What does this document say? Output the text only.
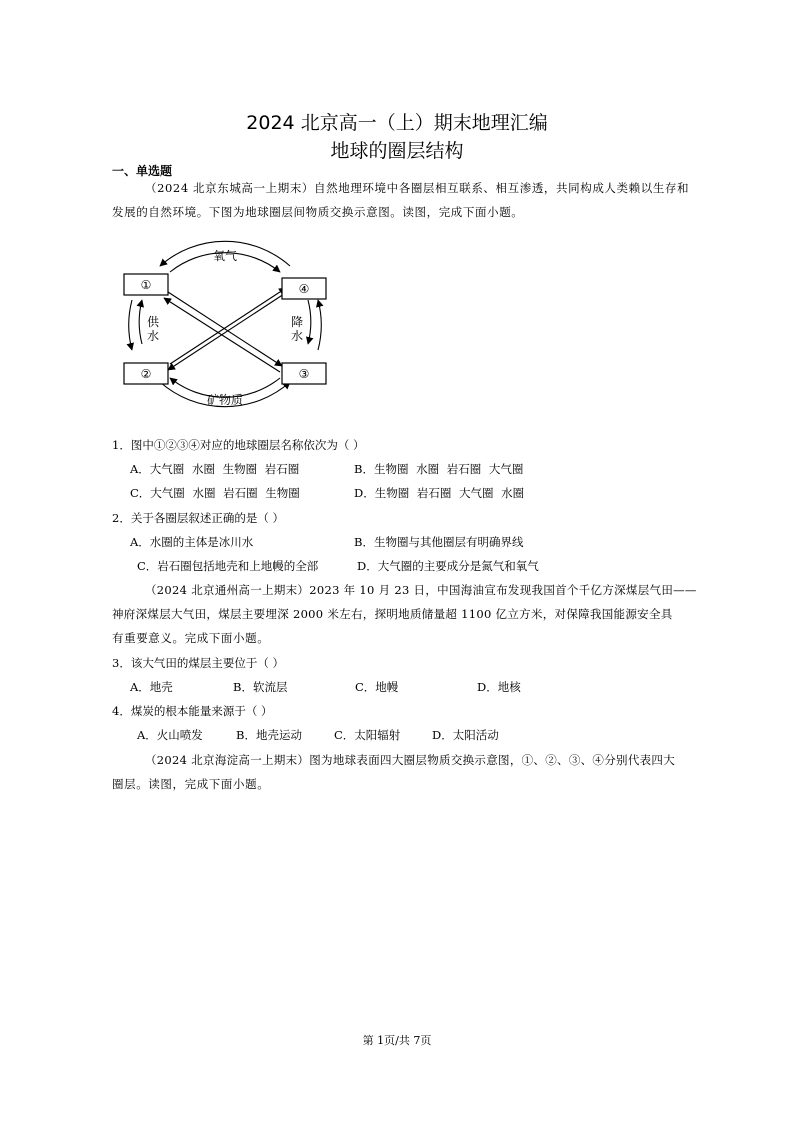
2024 北京高一（上）期末地理汇编
地球的圈层结构
一、单选题
（2024 北京东城高一上期末）自然地理环境中各圈层相互联系、相互渗透，共同构成人类赖以生存和
发展的自然环境。下图为地球圈层间物质交换示意图。读图，完成下面小题。
①	④
②	③
氧气
供
水
降
水
矿物质
1．图中①②③④对应的地球圈层名称依次为（ ）
A．大气圈 水圈 生物圈 岩石圈	B．生物圈 水圈 岩石圈 大气圈
C．大气圈 水圈 岩石圈 生物圈	D．生物圈 岩石圈 大气圈 水圈
2．关于各圈层叙述正确的是（ ）
A．水圈的主体是冰川水	B．生物圈与其他圈层有明确界线
C．岩石圈包括地壳和上地幔的全部	D．大气圈的主要成分是氮气和氧气
（2024 北京通州高一上期末）2023 年 10 月 23 日，中国海油宣布发现我国首个千亿方深煤层气田——
神府深煤层大气田，煤层主要埋深 2000 米左右，探明地质储量超 1100 亿立方米，对保障我国能源安全具
有重要意义。完成下面小题。
3．该大气田的煤层主要位于（ ）
A．地壳	B．软流层	C．地幔	D．地核
4．煤炭的根本能量来源于（ ）
A．火山喷发	B．地壳运动	C．太阳辐射	D．太阳活动
（2024 北京海淀高一上期末）图为地球表面四大圈层物质交换示意图，①、②、③、④分别代表四大
圈层。读图，完成下面小题。
第 1页/共 7页
